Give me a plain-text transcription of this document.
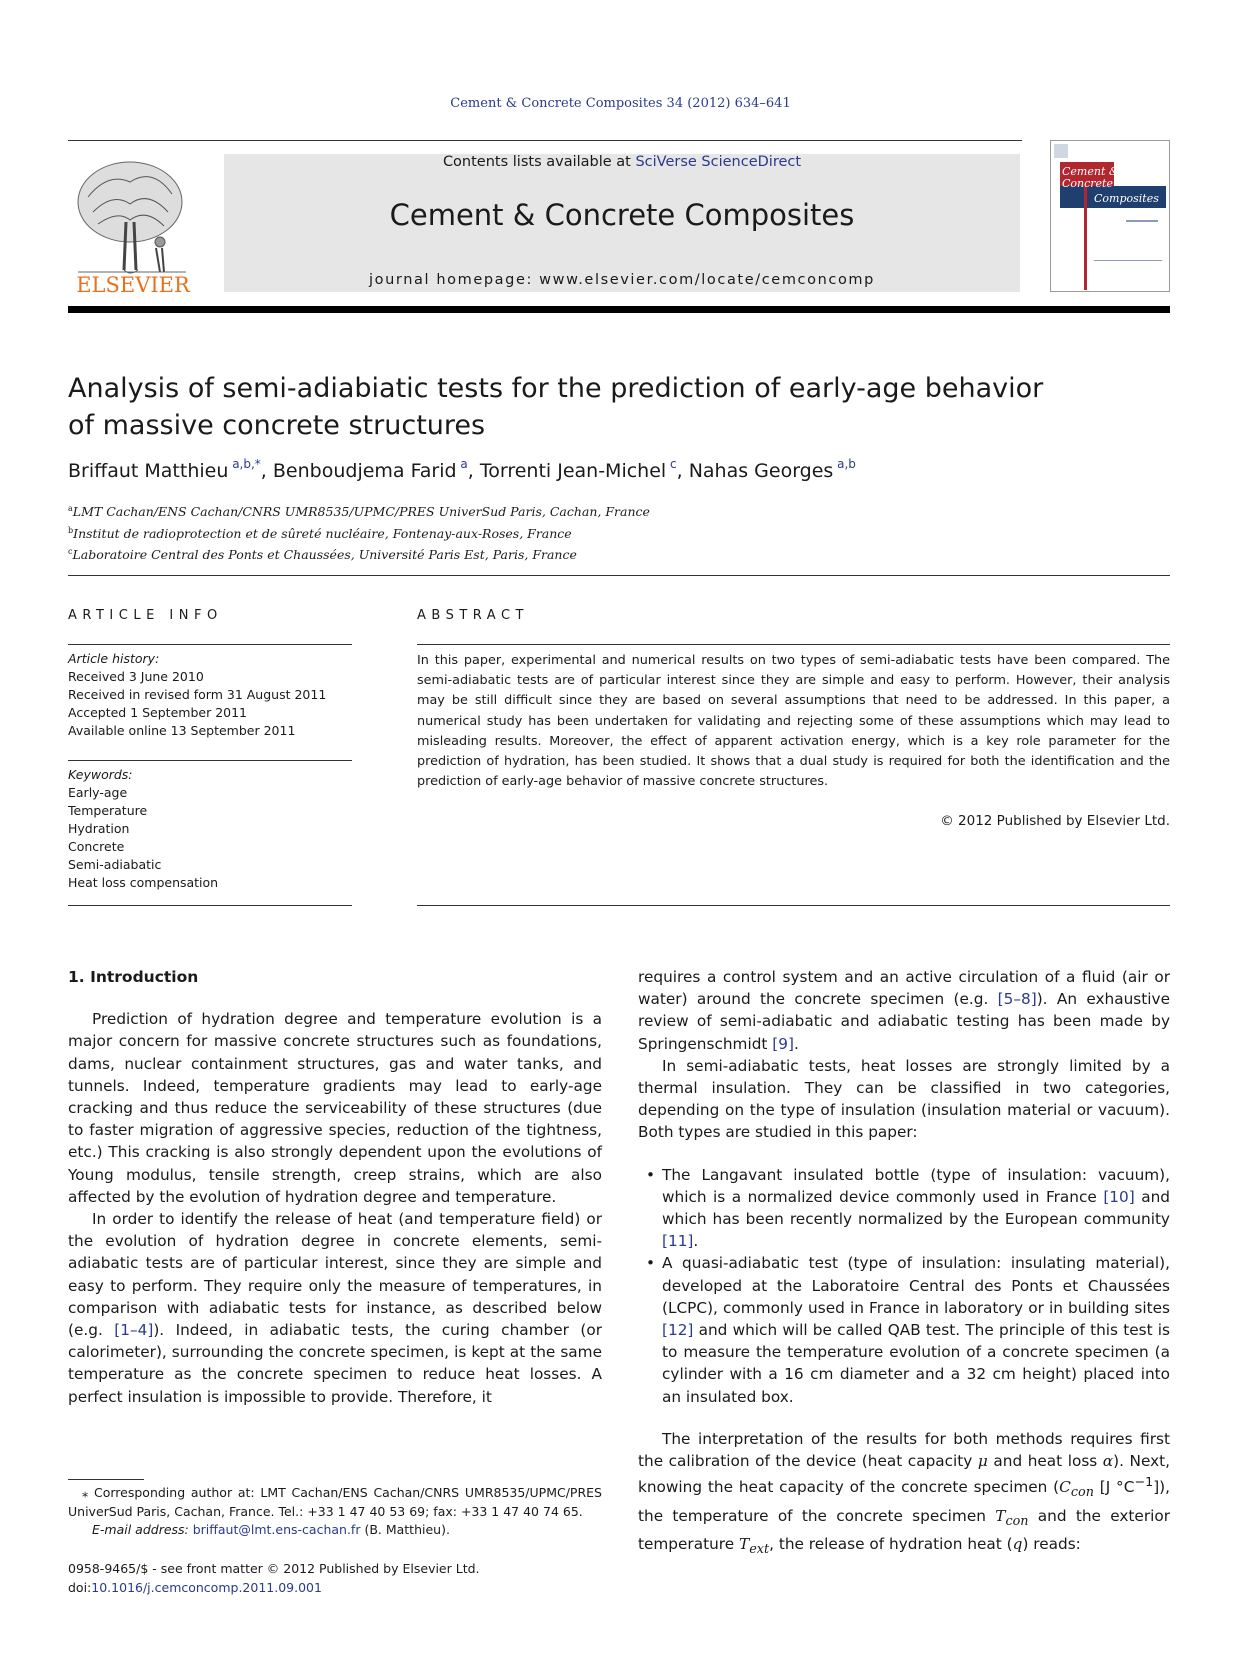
Cement & Concrete Composites 34 (2012) 634–641
ELSEVIER
Contents lists available at SciVerse ScienceDirect
Cement & Concrete Composites
journal homepage: www.elsevier.com/locate/cemconcomp
Cement &
Concrete
Composites
Analysis of semi-adiabiatic tests for the prediction of early-age behavior
of massive concrete structures
Briffaut Matthieu  $^{a,b,*}$, Benboudjema Farid  $^a$, Torrenti Jean-Michel  $^c$, Nahas Georges  $^{a,b}$
$^a$LMT Cachan/ENS Cachan/CNRS UMR8535/UPMC/PRES UniverSud Paris, Cachan, France
$^b$Institut de radioprotection et de sûreté nucléaire, Fontenay-aux-Roses, France
$^c$Laboratoire Central des Ponts et Chaussées, Université Paris Est, Paris, France
ARTICLE INFO	ABSTRACT
Article history:
Received 3 June 2010
Received in revised form 31 August 2011
Accepted 1 September 2011
Available online 13 September 2011
Keywords:
Early-age
Temperature
Hydration
Concrete
Semi-adiabatic
Heat loss compensation
In this paper, experimental and numerical results on two types of semi-adiabatic tests have been compared. The semi-adiabatic tests are of particular interest since they are simple and easy to perform. However, their analysis may be still difficult since they are based on several assumptions that need to be addressed. In this paper, a numerical study has been undertaken for validating and rejecting some of these assumptions which may lead to misleading results. Moreover, the effect of apparent activation energy, which is a key role parameter for the prediction of hydration, has been studied. It shows that a dual study is required for both the identification and the prediction of early-age behavior of massive concrete structures.
© 2012 Published by Elsevier Ltd.
1. Introduction

Prediction of hydration degree and temperature evolution is a major concern for massive concrete structures such as foundations, dams, nuclear containment structures, gas and water tanks, and tunnels. Indeed, temperature gradients may lead to early-age cracking and thus reduce the serviceability of these structures (due to faster migration of aggressive species, reduction of the tightness, etc.) This cracking is also strongly dependent upon the evolutions of Young modulus, tensile strength, creep strains, which are also affected by the evolution of hydration degree and temperature.

In order to identify the release of heat (and temperature field) or the evolution of hydration degree in concrete elements, semi-adiabatic tests are of particular interest, since they are simple and easy to perform. They require only the measure of temperatures, in comparison with adiabatic tests for instance, as described below (e.g. [1–4]). Indeed, in adiabatic tests, the curing chamber (or calorimeter), surrounding the concrete specimen, is kept at the same temperature as the concrete specimen to reduce heat losses. A perfect insulation is impossible to provide. Therefore, it

requires a control system and an active circulation of a fluid (air or water) around the concrete specimen (e.g. [5–8]). An exhaustive review of semi-adiabatic and adiabatic testing has been made by Springenschmidt [9].

In semi-adiabatic tests, heat losses are strongly limited by a thermal insulation. They can be classified in two categories, depending on the type of insulation (insulation material or vacuum). Both types are studied in this paper:

• The Langavant insulated bottle (type of insulation: vacuum), which is a normalized device commonly used in France [10] and which has been recently normalized by the European community [11].
• A quasi-adiabatic test (type of insulation: insulating material), developed at the Laboratoire Central des Ponts et Chaussées (LCPC), commonly used in France in laboratory or in building sites [12] and which will be called QAB test. The principle of this test is to measure the temperature evolution of a concrete specimen (a cylinder with a 16 cm diameter and a 32 cm height) placed into an insulated box.

The interpretation of the results for both methods requires first the calibration of the device (heat capacity μ and heat loss α). Next, knowing the heat capacity of the concrete specimen ($C_{con}$ [J $^\circ C^{-1}$]), the temperature of the concrete specimen $T_{con}$ and the exterior temperature $T_{ext}$, the release of hydration heat (q) reads:

⁎ Corresponding author at: LMT Cachan/ENS Cachan/CNRS UMR8535/UPMC/PRES UniverSud Paris, Cachan, France. Tel.: +33 1 47 40 53 69; fax: +33 1 47 40 74 65.
E-mail address: briffaut@lmt.ens-cachan.fr (B. Matthieu).
0958-9465/$ - see front matter © 2012 Published by Elsevier Ltd.
doi:10.1016/j.cemconcomp.2011.09.001
